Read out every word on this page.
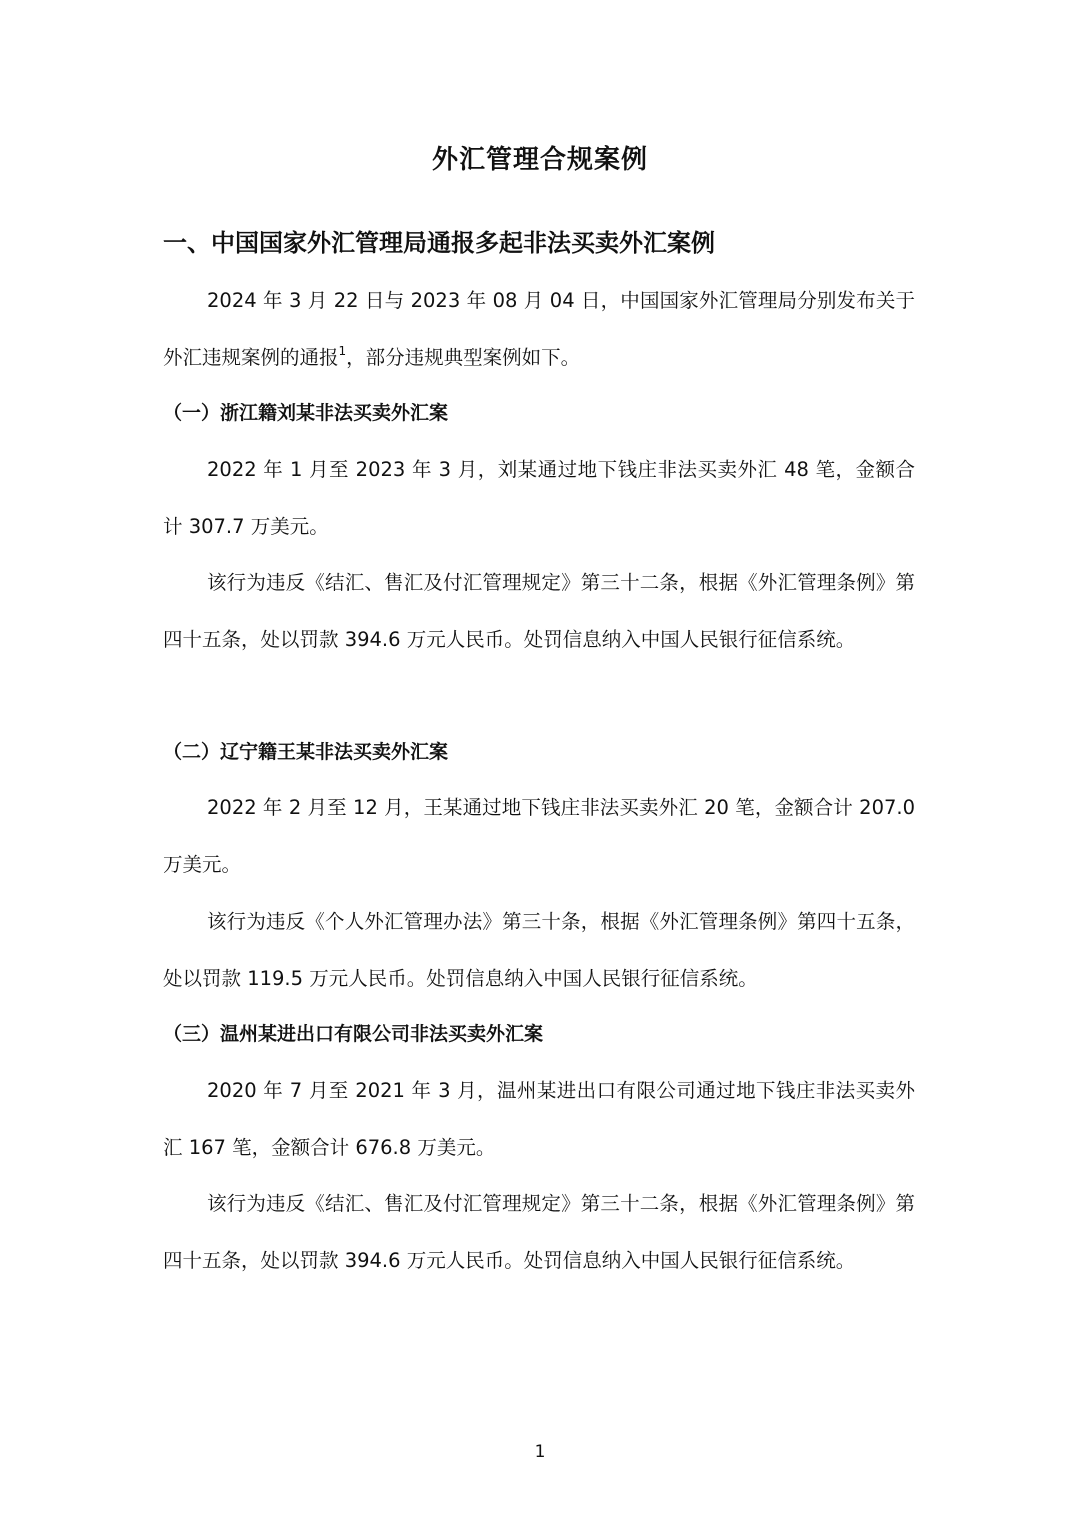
外汇管理合规案例
一、中国国家外汇管理局通报多起非法买卖外汇案例

2024 年 3 月 22 日与 2023 年 08 月 04 日，中国国家外汇管理局分别发布关于外汇违规案例的通报$^1$，部分违规典型案例如下。

（一）浙江籍刘某非法买卖外汇案

2022 年 1 月至 2023 年 3 月，刘某通过地下钱庄非法买卖外汇 48 笔，金额合计 307.7 万美元。

该行为违反《结汇、售汇及付汇管理规定》第三十二条，根据《外汇管理条例》第四十五条，处以罚款 394.6 万元人民币。处罚信息纳入中国人民银行征信系统。

（二）辽宁籍王某非法买卖外汇案

2022 年 2 月至 12 月，王某通过地下钱庄非法买卖外汇 20 笔，金额合计 207.0 万美元。

该行为违反《个人外汇管理办法》第三十条，根据《外汇管理条例》第四十五条，处以罚款 119.5 万元人民币。处罚信息纳入中国人民银行征信系统。

（三）温州某进出口有限公司非法买卖外汇案

2020 年 7 月至 2021 年 3 月，温州某进出口有限公司通过地下钱庄非法买卖外汇 167 笔，金额合计 676.8 万美元。

该行为违反《结汇、售汇及付汇管理规定》第三十二条，根据《外汇管理条例》第四十五条，处以罚款 394.6 万元人民币。处罚信息纳入中国人民银行征信系统。

1
